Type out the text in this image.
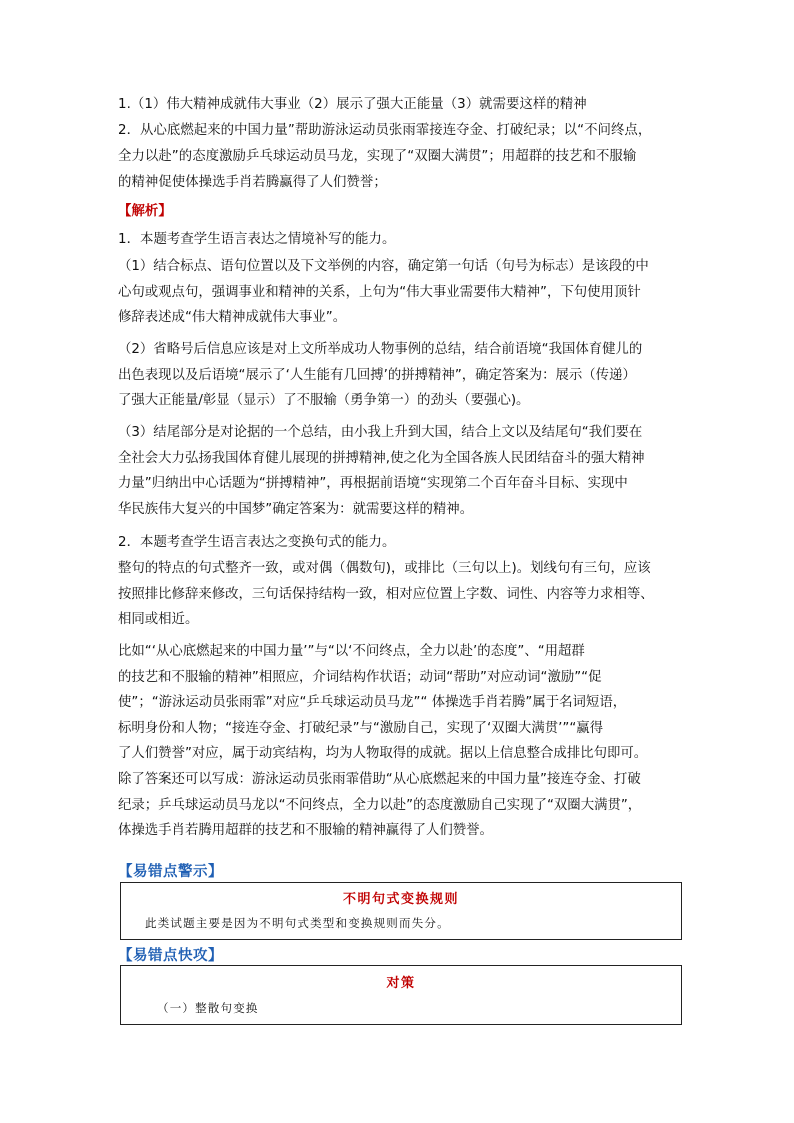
1.（1）伟大精神成就伟大事业（2）展示了强大正能量（3）就需要这样的精神
2．从心底燃起来的中国力量”帮助游泳运动员张雨霏接连夺金、打破纪录；以“不问终点，
全力以赴”的态度激励乒乓球运动员马龙，实现了“双圈大满贯”；用超群的技艺和不服输
的精神促使体操选手肖若腾赢得了人们赞誉；
【解析】
1．本题考查学生语言表达之情境补写的能力。
（1）结合标点、语句位置以及下文举例的内容，确定第一句话（句号为标志）是该段的中
心句或观点句，强调事业和精神的关系，上句为“伟大事业需要伟大精神”，下句使用顶针
修辞表述成“伟大精神成就伟大事业”。
（2）省略号后信息应该是对上文所举成功人物事例的总结，结合前语境“我国体育健儿的
出色表现以及后语境“展示了‘人生能有几回搏’的拼搏精神”，确定答案为：展示（传递）
了强大正能量/彰显（显示）了不服输（勇争第一）的劲头（要强心)。
（3）结尾部分是对论据的一个总结，由小我上升到大国，结合上文以及结尾句“我们要在
全社会大力弘扬我国体育健儿展现的拼搏精神,使之化为全国各族人民团结奋斗的强大精神
力量”归纳出中心话题为“拼搏精神”，再根据前语境“实现第二个百年奋斗目标、实现中
华民族伟大复兴的中国梦”确定答案为：就需要这样的精神。
2．本题考查学生语言表达之变换句式的能力。
整句的特点的句式整齐一致，或对偶（偶数句)，或排比（三句以上)。划线句有三句，应该
按照排比修辞来修改，三句话保持结构一致，相对应位置上字数、词性、内容等力求相等、
相同或相近。
比如“‘从心底燃起来的中国力量’”与“以‘不问终点，全力以赴’的态度”、“用超群
的技艺和不服输的精神”相照应，介词结构作状语；动词“帮助”对应动词“激励”“促
使”；“游泳运动员张雨霏”对应“乒乓球运动员马龙”“ 体操选手肖若腾”属于名词短语，
标明身份和人物；“接连夺金、打破纪录”与“激励自己，实现了‘双圈大满贯’”“赢得
了人们赞誉”对应，属于动宾结构，均为人物取得的成就。据以上信息整合成排比句即可。
除了答案还可以写成：游泳运动员张雨霏借助“从心底燃起来的中国力量”接连夺金、打破
纪录；乒乓球运动员马龙以“不问终点，全力以赴”的态度激励自己实现了“双圈大满贯”，
体操选手肖若腾用超群的技艺和不服输的精神赢得了人们赞誉。
【易错点警示】
不明句式变换规则
此类试题主要是因为不明句式类型和变换规则而失分。
【易错点快攻】
对策
（一）整散句变换
